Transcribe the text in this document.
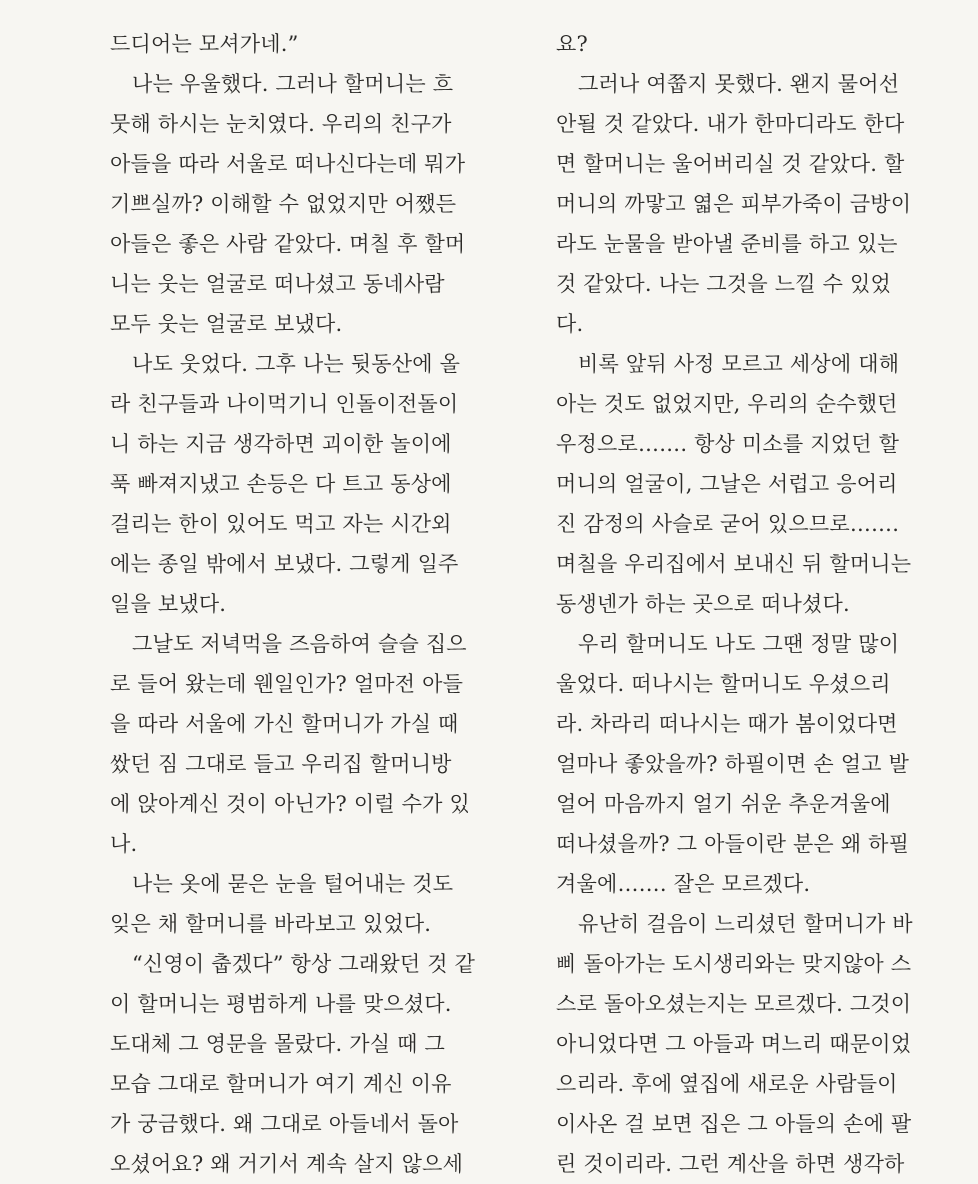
드디어는 모셔가네.”
나는 우울했다. 그러나 할머니는 흐
뭇해 하시는 눈치였다. 우리의 친구가
아들을 따라 서울로 떠나신다는데 뭐가
기쁘실까? 이해할 수 없었지만 어쨌든
아들은 좋은 사람 같았다. 며칠 후 할머
니는 웃는 얼굴로 떠나셨고 동네사람
모두 웃는 얼굴로 보냈다.
나도 웃었다. 그후 나는 뒷동산에 올
라 친구들과 나이먹기니 인돌이전돌이
니 하는 지금 생각하면 괴이한 놀이에
푹 빠져지냈고 손등은 다 트고 동상에
걸리는 한이 있어도 먹고 자는 시간외
에는 종일 밖에서 보냈다. 그렇게 일주
일을 보냈다.
그날도 저녁먹을 즈음하여 슬슬 집으
로 들어 왔는데 웬일인가? 얼마전 아들
을 따라 서울에 가신 할머니가 가실 때
쌌던 짐 그대로 들고 우리집 할머니방
에 앉아계신 것이 아닌가? 이럴 수가 있
나.
나는 옷에 묻은 눈을 털어내는 것도
잊은 채 할머니를 바라보고 있었다.
“신영이 춥겠다” 항상 그래왔던 것 같
이 할머니는 평범하게 나를 맞으셨다.
도대체 그 영문을 몰랐다. 가실 때 그
모습 그대로 할머니가 여기 계신 이유
가 궁금했다. 왜 그대로 아들네서 돌아
오셨어요? 왜 거기서 계속 살지 않으세
요?
그러나 여쭙지 못했다. 왠지 물어선
안될 것 같았다. 내가 한마디라도 한다
면 할머니는 울어버리실 것 같았다. 할
머니의 까맣고 엷은 피부가죽이 금방이
라도 눈물을 받아낼 준비를 하고 있는
것 같았다. 나는 그것을 느낄 수 있었
다.
비록 앞뒤 사정 모르고 세상에 대해
아는 것도 없었지만, 우리의 순수했던
우정으로……. 항상 미소를 지었던 할
머니의 얼굴이, 그날은 서럽고 응어리
진 감정의 사슬로 굳어 있으므로…….
며칠을 우리집에서 보내신 뒤 할머니는
동생넨가 하는 곳으로 떠나셨다.
우리 할머니도 나도 그땐 정말 많이
울었다. 떠나시는 할머니도 우셨으리
라. 차라리 떠나시는 때가 봄이었다면
얼마나 좋았을까? 하필이면 손 얼고 발
얼어 마음까지 얼기 쉬운 추운겨울에
떠나셨을까? 그 아들이란 분은 왜 하필
겨울에……. 잘은 모르겠다.
유난히 걸음이 느리셨던 할머니가 바
삐 돌아가는 도시생리와는 맞지않아 스
스로 돌아오셨는지는 모르겠다. 그것이
아니었다면 그 아들과 며느리 때문이었
으리라. 후에 옆집에 새로운 사람들이
이사온 걸 보면 집은 그 아들의 손에 팔
린 것이리라. 그런 계산을 하면 생각하
